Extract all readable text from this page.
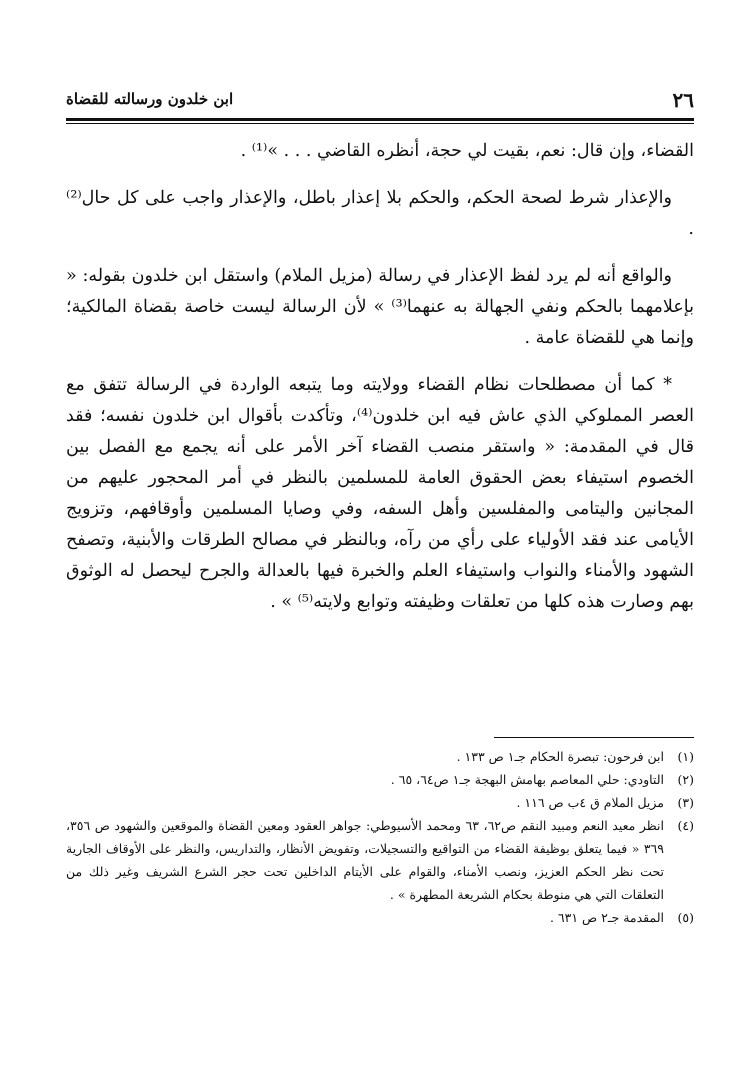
٢٦
ابن خلدون ورسالته للقضاة

القضاء، وإن قال: نعم، بقيت لي حجة، أنظره القاضي . . . »⁽¹⁾ .

والإعذار شرط لصحة الحكم، والحكم بلا إعذار باطل، والإعذار واجب على كل حال⁽²⁾ .

والواقع أنه لم يرد لفظ الإعذار في رسالة (مزيل الملام) واستقل ابن خلدون بقوله: « بإعلامهما بالحكم ونفي الجهالة به عنهما⁽³⁾ » لأن الرسالة ليست خاصة بقضاة المالكية؛ وإنما هي للقضاة عامة .

* كما أن مصطلحات نظام القضاء وولايته وما يتبعه الواردة في الرسالة تتفق مع العصر المملوكي الذي عاش فيه ابن خلدون⁽⁴⁾، وتأكدت بأقوال ابن خلدون نفسه؛ فقد قال في المقدمة: « واستقر منصب القضاء آخر الأمر على أنه يجمع مع الفصل بين الخصوم استيفاء بعض الحقوق العامة للمسلمين بالنظر في أمر المحجور عليهم من المجانين واليتامى والمفلسين وأهل السفه، وفي وصايا المسلمين وأوقافهم، وتزويج الأيامى عند فقد الأولياء على رأي من رآه، وبالنظر في مصالح الطرقات والأبنية، وتصفح الشهود والأمناء والنواب واستيفاء العلم والخبرة فيها بالعدالة والجرح ليحصل له الوثوق بهم وصارت هذه كلها من تعلقات وظيفته وتوابع ولايته⁽⁵⁾ » .

(١)
ابن فرحون: تبصرة الحكام جـ١ ص ١٣٣ .
(٢)
التاودي: حلي المعاصم بهامش البهجة جـ١ ص٦٤، ٦٥ .
(٣)
مزيل الملام ق ٤ب ص ١١٦ .
(٤)
انظر معيد النعم ومبيد النقم ص٦٢، ٦٣ ومحمد الأسيوطي: جواهر العقود ومعين القضاة والموقعين والشهود ص ٣٥٦، ٣٦٩ « فيما يتعلق بوظيفة القضاء من التواقيع والتسجيلات، وتفويض الأنظار، والتداريس، والنظر على الأوقاف الجارية تحت نظر الحكم العزيز، ونصب الأمناء، والقوام على الأيتام الداخلين تحت حجر الشرع الشريف وغير ذلك من التعلقات التي هي منوطة بحكام الشريعة المطهرة » .
(٥)
المقدمة جـ٢ ص ٦٣١ .
